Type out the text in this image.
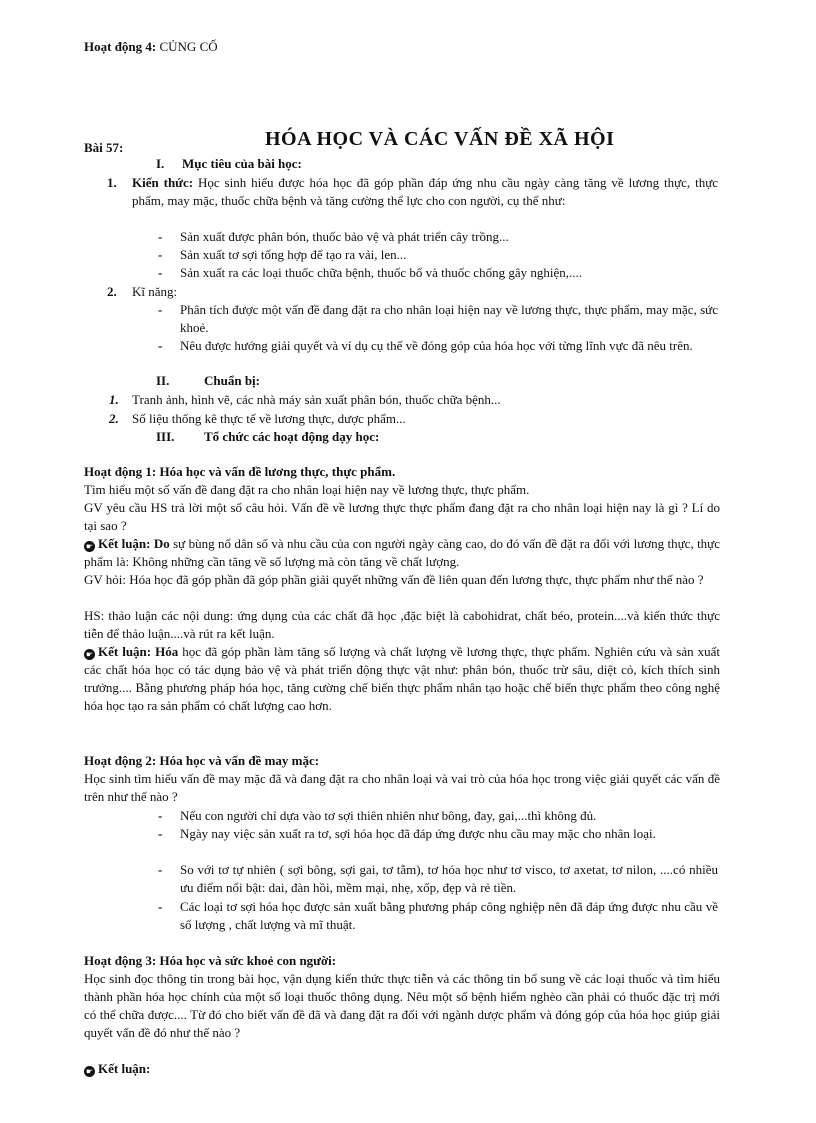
Hoạt động 4: CỦNG CỐ
Bài 57:	HÓA HỌC VÀ CÁC VẤN ĐỀ XÃ HỘI
I. Mục tiêu của bài học:
1. Kiến thức: Học sinh hiểu được hóa học đã góp phần đáp ứng nhu cầu ngày càng tăng về lương thực, thực phẩm, may mặc, thuốc chữa bệnh và tăng cường thể lực cho con người, cụ thể như:
- Sản xuất được phân bón, thuốc bảo vệ và phát triển cây trồng...
- Sản xuất tơ sợi tổng hợp để tạo ra vải, len...
- Sản xuất ra các loại thuốc chữa bệnh, thuốc bổ và thuốc chống gây nghiện,....
2. Kĩ năng:
- Phân tích được một vấn đề đang đặt ra cho nhân loại hiện nay về lương thực, thực phẩm, may mặc, sức khoẻ.
- Nêu được hướng giải quyết và ví dụ cụ thể về đóng góp của hóa học với từng lĩnh vực đã nêu trên.
II.	Chuẩn bị:
1. Tranh ảnh, hình vẽ, các nhà máy sản xuất phân bón, thuốc chữa bệnh...
2. Số liệu thống kê thực tế về lương thực, dược phẩm...
III. Tổ chức các hoạt động dạy học:
Hoạt động 1: Hóa học và vấn đề lương thực, thực phẩm.
Tìm hiểu một số vấn đề đang đặt ra cho nhân loại hiện nay về lương thực, thực phẩm.
GV yêu cầu HS trả lời một số câu hỏi. Vấn đề về lương thực thực phẩm đang đặt ra cho nhân loại hiện nay là gì ? Lí do tại sao ?
☛ Kết luận: Do sự bùng nổ dân số và nhu cầu của con người ngày càng cao, do đó vấn đề đặt ra đối với lương thực, thực phẩm là: Không những cần tăng về số lượng mà còn tăng về chất lượng.
GV hỏi: Hóa học đã góp phần đã góp phần giải quyết những vấn đề liên quan đến lương thực, thực phẩm như thế nào ?
HS: thảo luận các nội dung: ứng dụng của các chất đã học ,đặc biệt là cabohidrat, chất béo, protein....và kiến thức thực tiễn để thảo luận....và rút ra kết luận.
☛ Kết luận: Hóa học đã góp phần làm tăng số lượng và chất lượng về lương thực, thực phẩm. Nghiên cứu và sản xuất các chất hóa học có tác dụng bảo vệ và phát triển động thực vật như: phân bón, thuốc trừ sâu, diệt cỏ, kích thích sinh trưởng.... Bằng phương pháp hóa học, tăng cường chế biến thực phẩm nhân tạo hoặc chế biến thực phẩm theo công nghệ hóa học tạo ra sản phẩm có chất lượng cao hơn.
Hoạt động 2: Hóa học và vấn đề may mặc:
Học sinh tìm hiểu vấn đề may mặc đã và đang đặt ra cho nhân loại và vai trò của hóa học trong việc giải quyết các vấn đề trên như thế nào ?
- Nếu con người chỉ dựa vào tơ sợi thiên nhiên như bông, đay, gai,...thì không đủ.
- Ngày nay việc sản xuất ra tơ, sợi hóa học đã đáp ứng được nhu cầu may mặc cho nhân loại.
- So với tơ tự nhiên ( sợi bông, sợi gai, tơ tằm), tơ hóa học như tơ visco, tơ axetat, tơ nilon, ....có nhiều ưu điểm nổi bật: dai, đàn hồi, mềm mại, nhẹ, xốp, đẹp và rẻ tiền.
- Các loại tơ sợi hóa học được sản xuất bằng phương pháp công nghiệp nên đã đáp ứng được nhu cầu về số lượng , chất lượng và mĩ thuật.
Hoạt động 3: Hóa học và sức khoẻ con người:
Học sinh đọc thông tin trong bài học, vận dụng kiến thức thực tiễn và các thông tin bổ sung về các loại thuốc và tìm hiểu thành phần hóa học chính của một số loại thuốc thông dụng. Nêu một số bệnh hiểm nghèo cần phải có thuốc đặc trị mới có thể chữa được.... Từ đó cho biết vấn đề đã và đang đặt ra đối với ngành dược phẩm và đóng góp của hóa học giúp giải quyết vấn đề đó như thế nào ?
☛ Kết luận:
